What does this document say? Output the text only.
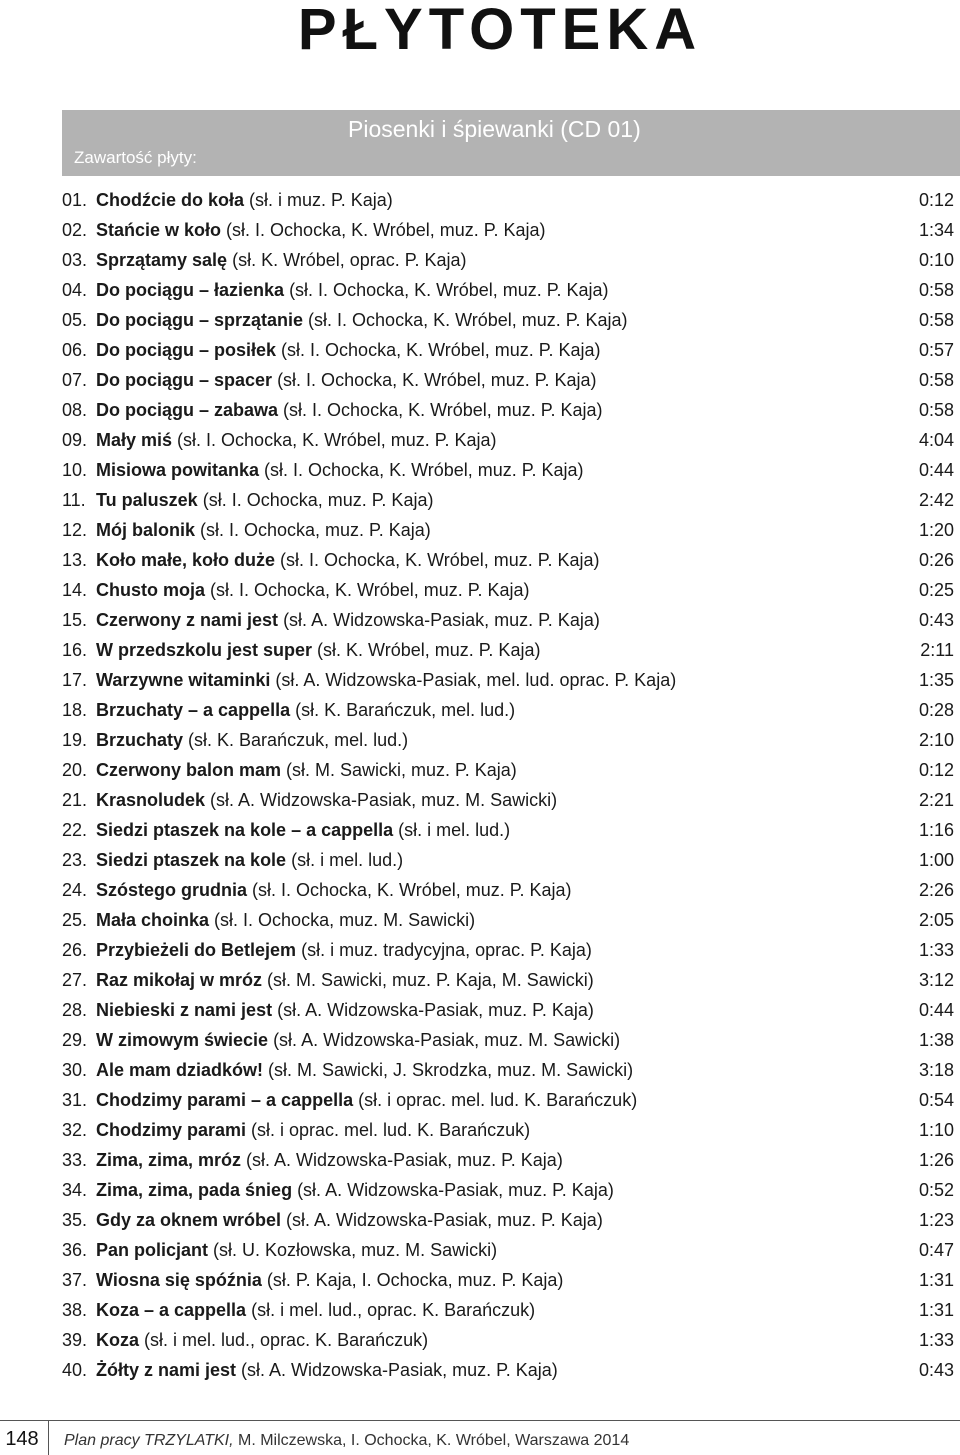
PŁYTOTEKA
Zawartość płyty:
Piosenki i śpiewanki (CD 01)
01. Chodźcie do koła (sł. i muz. P. Kaja)	0:12
02. Stańcie w koło (sł. I. Ochocka, K. Wróbel, muz. P. Kaja)	1:34
03. Sprzątamy salę (sł. K. Wróbel, oprac. P. Kaja)	0:10
04. Do pociągu – łazienka (sł. I. Ochocka, K. Wróbel, muz. P. Kaja)	0:58
05. Do pociągu – sprzątanie (sł. I. Ochocka, K. Wróbel, muz. P. Kaja)	0:58
06. Do pociągu – posiłek (sł. I. Ochocka, K. Wróbel, muz. P. Kaja)	0:57
07. Do pociągu – spacer (sł. I. Ochocka, K. Wróbel, muz. P. Kaja)	0:58
08. Do pociągu – zabawa (sł. I. Ochocka, K. Wróbel, muz. P. Kaja)	0:58
09. Mały miś (sł. I. Ochocka, K. Wróbel, muz. P. Kaja)	4:04
10. Misiowa powitanka (sł. I. Ochocka, K. Wróbel, muz. P. Kaja)	0:44
11. Tu paluszek (sł. I. Ochocka, muz. P. Kaja)	2:42
12. Mój balonik (sł. I. Ochocka, muz. P. Kaja)	1:20
13. Koło małe, koło duże (sł. I. Ochocka, K. Wróbel, muz. P. Kaja)	0:26
14. Chusto moja (sł. I. Ochocka, K. Wróbel, muz. P. Kaja)	0:25
15. Czerwony z nami jest (sł. A. Widzowska-Pasiak, muz. P. Kaja)	0:43
16. W przedszkolu jest super (sł. K. Wróbel, muz. P. Kaja)	2:11
17. Warzywne witaminki (sł. A. Widzowska-Pasiak, mel. lud. oprac. P. Kaja)	1:35
18. Brzuchaty – a cappella (sł. K. Barańczuk, mel. lud.)	0:28
19. Brzuchaty (sł. K. Barańczuk, mel. lud.)	2:10
20. Czerwony balon mam (sł. M. Sawicki, muz. P. Kaja)	0:12
21. Krasnoludek (sł. A. Widzowska-Pasiak, muz. M. Sawicki)	2:21
22. Siedzi ptaszek na kole – a cappella (sł. i mel. lud.)	1:16
23. Siedzi ptaszek na kole (sł. i mel. lud.)	1:00
24. Szóstego grudnia (sł. I. Ochocka, K. Wróbel, muz. P. Kaja)	2:26
25. Mała choinka (sł. I. Ochocka, muz. M. Sawicki)	2:05
26. Przybieżeli do Betlejem (sł. i muz. tradycyjna, oprac. P. Kaja)	1:33
27. Raz mikołaj w mróz (sł. M. Sawicki, muz. P. Kaja, M. Sawicki)	3:12
28. Niebieski z nami jest (sł. A. Widzowska-Pasiak, muz. P. Kaja)	0:44
29. W zimowym świecie (sł. A. Widzowska-Pasiak, muz. M. Sawicki)	1:38
30. Ale mam dziadków! (sł. M. Sawicki, J. Skrodzka, muz. M. Sawicki)	3:18
31. Chodzimy parami – a cappella (sł. i oprac. mel. lud. K. Barańczuk)	0:54
32. Chodzimy parami (sł. i oprac. mel. lud. K. Barańczuk)	1:10
33. Zima, zima, mróz (sł. A. Widzowska-Pasiak, muz. P. Kaja)	1:26
34. Zima, zima, pada śnieg (sł. A. Widzowska-Pasiak, muz. P. Kaja)	0:52
35. Gdy za oknem wróbel (sł. A. Widzowska-Pasiak, muz. P. Kaja)	1:23
36. Pan policjant (sł. U. Kozłowska, muz. M. Sawicki)	0:47
37. Wiosna się spóźnia (sł. P. Kaja, I. Ochocka, muz. P. Kaja)	1:31
38. Koza – a cappella (sł. i mel. lud., oprac. K. Barańczuk)	1:31
39. Koza (sł. i mel. lud., oprac. K. Barańczuk)	1:33
40. Żółty z nami jest (sł. A. Widzowska-Pasiak, muz. P. Kaja)	0:43
148	Plan pracy TRZYLATKI, M. Milczewska, I. Ochocka, K. Wróbel, Warszawa 2014
